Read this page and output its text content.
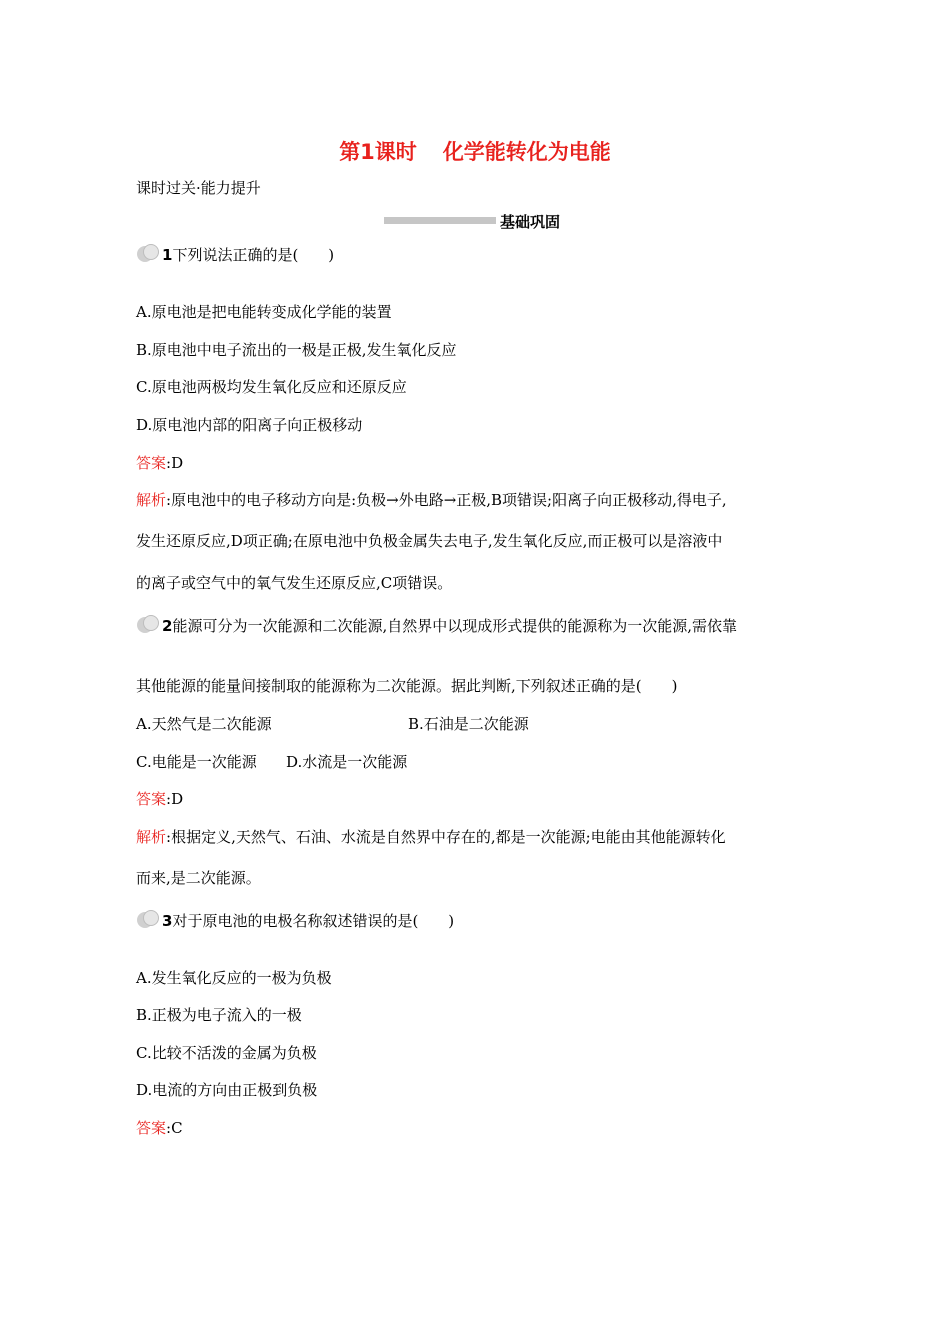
第1课时 化学能转化为电能
课时过关·能力提升
基础巩固
1下列说法正确的是(　　)
A.原电池是把电能转变成化学能的装置
B.原电池中电子流出的一极是正极,发生氧化反应
C.原电池两极均发生氧化反应和还原反应
D.原电池内部的阳离子向正极移动
答案:D
解析:原电池中的电子移动方向是:负极→外电路→正极,B项错误;阳离子向正极移动,得电子,
发生还原反应,D项正确;在原电池中负极金属失去电子,发生氧化反应,而正极可以是溶液中
的离子或空气中的氧气发生还原反应,C项错误。
2能源可分为一次能源和二次能源,自然界中以现成形式提供的能源称为一次能源,需依靠
其他能源的能量间接制取的能源称为二次能源。据此判断,下列叙述正确的是(　　)
A.天然气是二次能源	B.石油是二次能源
C.电能是一次能源 D.水流是一次能源
答案:D
解析:根据定义,天然气、石油、水流是自然界中存在的,都是一次能源;电能由其他能源转化
而来,是二次能源。
3对于原电池的电极名称叙述错误的是(　　)
A.发生氧化反应的一极为负极
B.正极为电子流入的一极
C.比较不活泼的金属为负极
D.电流的方向由正极到负极
答案:C
